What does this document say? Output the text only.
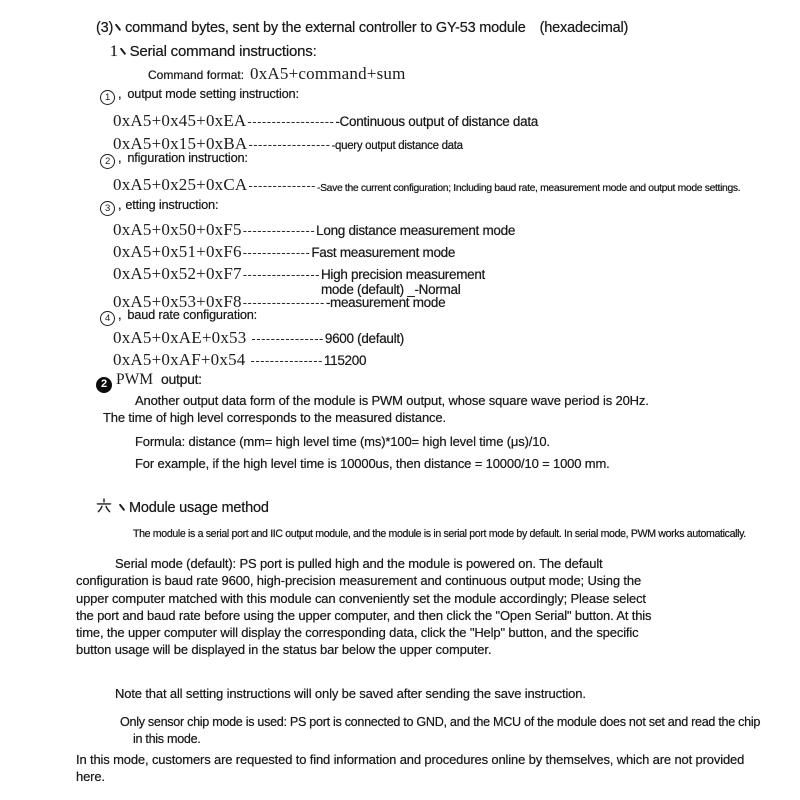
(3) command bytes, sent by the external controller to GY-53 module (hexadecimal)
1 Serial command instructions:
Command format: 0xA5+command+sum
1 , output mode setting instruction:
0xA5+0x45+0xEA ------------------ -Continuous output of distance data
0xA5+0x15+0xBA ----------------- -query output distance data
2 , nfiguration instruction:
0xA5+0x25+0xCA -------------- -Save the current configuration; Including baud rate, measurement mode and output mode settings.
3 , etting instruction:
0xA5+0x50+0xF5 --------------- Long distance measurement mode
0xA5+0x51+0xF6 -------------- Fast measurement mode
0xA5+0x52+0xF7 ---------------- High precision measurement
mode (default) _-Normal
0xA5+0x53+0xF8 ----------------- -measurement mode
4 , baud rate configuration:
0xA5+0xAE+0x53 --------------- 9600 (default)
0xA5+0xAF+0x54 --------------- 115200
2 PWM output:
Another output data form of the module is PWM output, whose square wave period is 20Hz.
The time of high level corresponds to the measured distance.
Formula: distance (mm= high level time (ms)*100= high level time (μs)/10.
For example, if the high level time is 10000us, then distance = 10000/10 = 1000 mm.
Module usage method
The module is a serial port and IIC output module, and the module is in serial port mode by default. In serial mode, PWM works automatically.
Serial mode (default): PS port is pulled high and the module is powered on. The default configuration is baud rate 9600, high-precision measurement and continuous output mode; Using the upper computer matched with this module can conveniently set the module accordingly; Please select the port and baud rate before using the upper computer, and then click the "Open Serial" button. At this time, the upper computer will display the corresponding data, click the "Help" button, and the specific button usage will be displayed in the status bar below the upper computer.
Note that all setting instructions will only be saved after sending the save instruction.
Only sensor chip mode is used: PS port is connected to GND, and the MCU of the module does not set and read the chip in this mode.
In this mode, customers are requested to find information and procedures online by themselves, which are not provided here.
